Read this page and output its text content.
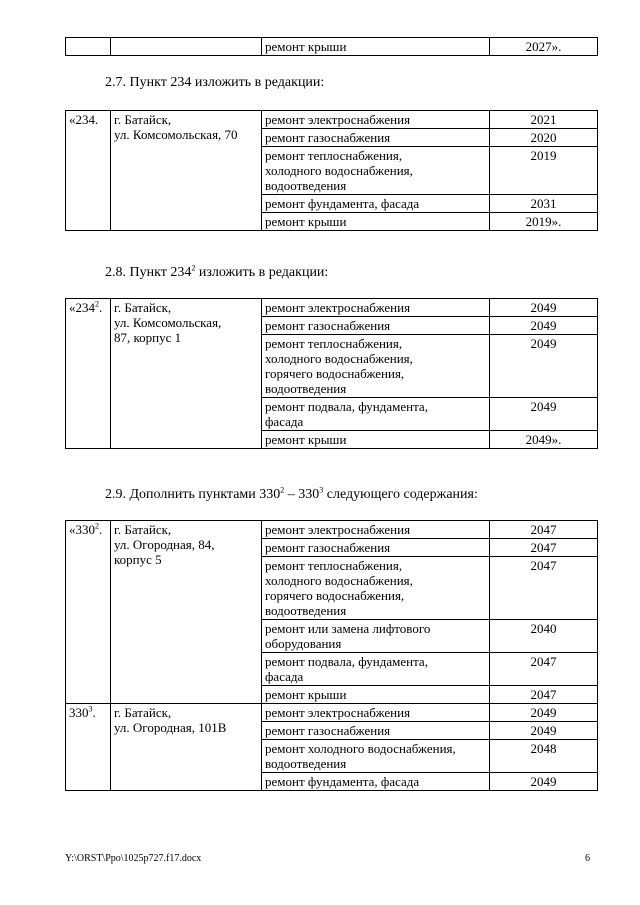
		ремонт крыши	2027».
2.7. Пункт 234 изложить в редакции:
«234.	г. Батайск,
ул. Комсомольская, 70	ремонт электроснабжения	2021
		ремонт газоснабжения	2020
		ремонт теплоснабжения,
холодного водоснабжения,
водоотведения	2019
		ремонт фундамента, фасада	2031
		ремонт крыши	2019».
2.8. Пункт $234^2$ изложить в редакции:
«$234^2$.	г. Батайск,
ул. Комсомольская,
87, корпус 1	ремонт электроснабжения	2049
		ремонт газоснабжения	2049
		ремонт теплоснабжения,
холодного водоснабжения,
горячего водоснабжения,
водоотведения	2049
		ремонт подвала, фундамента,
фасада	2049
		ремонт крыши	2049».
2.9. Дополнить пунктами $330^2 - 330^3$ следующего содержания:
«$330^2$.	г. Батайск,
ул. Огородная, 84,
корпус 5	ремонт электроснабжения	2047
		ремонт газоснабжения	2047
		ремонт теплоснабжения,
холодного водоснабжения,
горячего водоснабжения,
водоотведения	2047
		ремонт или замена лифтового
оборудования	2040
		ремонт подвала, фундамента,
фасада	2047
		ремонт крыши	2047
$330^3$.	г. Батайск,
ул. Огородная, 101В	ремонт электроснабжения	2049
		ремонт газоснабжения	2049
		ремонт холодного водоснабжения,
водоотведения	2048
		ремонт фундамента, фасада	2049
Y:\ORST\Ppo\1025p727.f17.docx	6
